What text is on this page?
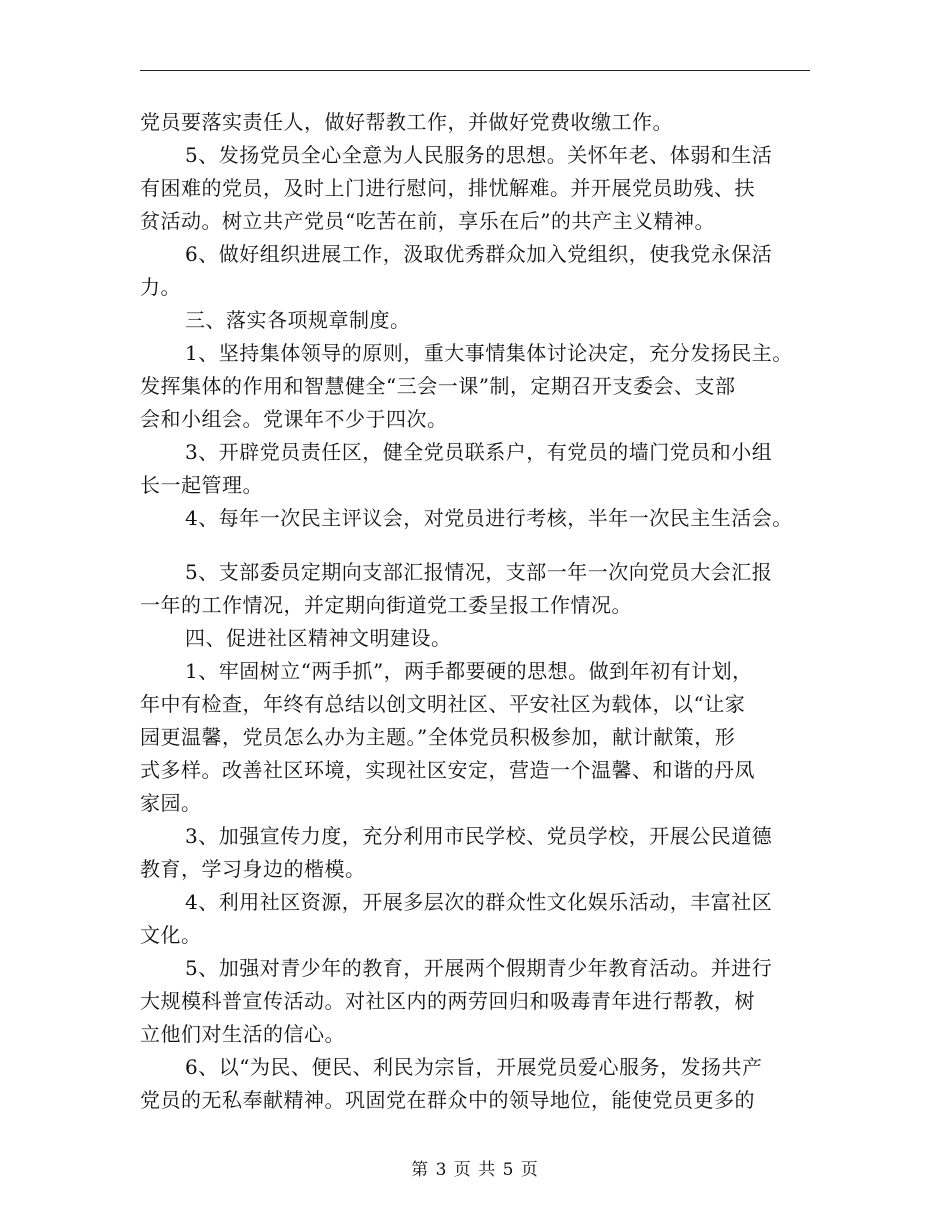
党员要落实责任人，做好帮教工作，并做好党费收缴工作。
5、发扬党员全心全意为人民服务的思想。关怀年老、体弱和生活
有困难的党员，及时上门进行慰问，排忧解难。并开展党员助残、扶
贫活动。树立共产党员“吃苦在前，享乐在后”的共产主义精神。
6、做好组织进展工作，汲取优秀群众加入党组织，使我党永保活
力。
三、落实各项规章制度。
1、坚持集体领导的原则，重大事情集体讨论决定，充分发扬民主。
发挥集体的作用和智慧健全“三会一课”制，定期召开支委会、支部
会和小组会。党课年不少于四次。
3、开辟党员责任区，健全党员联系户，有党员的墙门党员和小组
长一起管理。
4、每年一次民主评议会，对党员进行考核，半年一次民主生活会。
5、支部委员定期向支部汇报情况，支部一年一次向党员大会汇报
一年的工作情况，并定期向街道党工委呈报工作情况。
四、促进社区精神文明建设。
1、牢固树立“两手抓”，两手都要硬的思想。做到年初有计划，
年中有检查，年终有总结以创文明社区、平安社区为载体，以“让家
园更温馨，党员怎么办为主题。”全体党员积极参加，献计献策，形
式多样。改善社区环境，实现社区安定，营造一个温馨、和谐的丹凤
家园。
3、加强宣传力度，充分利用市民学校、党员学校，开展公民道德
教育，学习身边的楷模。
4、利用社区资源，开展多层次的群众性文化娱乐活动，丰富社区
文化。
5、加强对青少年的教育，开展两个假期青少年教育活动。并进行
大规模科普宣传活动。对社区内的两劳回归和吸毒青年进行帮教，树
立他们对生活的信心。
6、以“为民、便民、利民为宗旨，开展党员爱心服务，发扬共产
党员的无私奉献精神。巩固党在群众中的领导地位，能使党员更多的
第 3 页 共 5 页
